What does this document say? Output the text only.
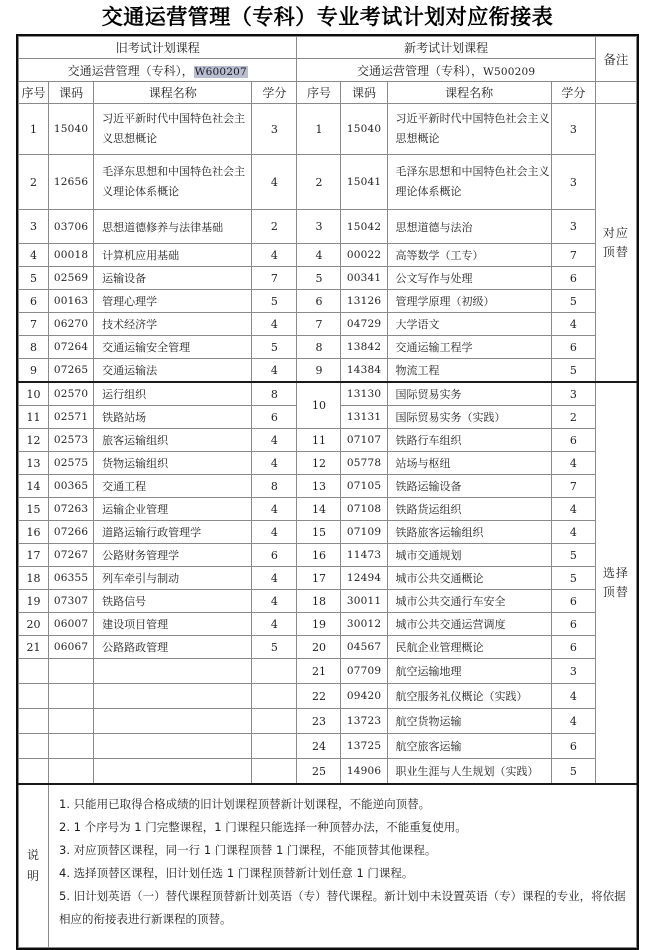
交通运营管理（专科）专业考试计划对应衔接表
旧考试计划课程				新考试计划课程				备注
交通运营管理（专科），W600207				交通运营管理（专科），W500209				
序号	课码	课程名称	学分	序号	课码	课程名称	学分	
1	15040	习近平新时代中国特色社会主义思想概论	3	1	15040	习近平新时代中国特色社会主义思想概论	3	对应
顶替

2	12656	毛泽东思想和中国特色社会主义理论体系概论	4	2	15041	毛泽东思想和中国特色社会主义理论体系概论	3	
3	03706	思想道德修养与法律基础	2	3	15042	思想道德与法治	3	
4	00018	计算机应用基础	4	4	00022	高等数学（工专）	7	
5	02569	运输设备	7	5	00341	公文写作与处理	6	
6	00163	管理心理学	5	6	13126	管理学原理（初级）	5	
7	06270	技术经济学	4	7	04729	大学语文	4	
8	07264	交通运输安全管理	5	8	13842	交通运输工程学	6	
9	07265	交通运输法	4	9	14384	物流工程	5	
10	02570	运行组织	8	10	13130	国际贸易实务	3	选择
顶替

11	02571	铁路站场	6		13131	国际贸易实务（实践）	2	
12	02573	旅客运输组织	4	11	07107	铁路行车组织	6	
13	02575	货物运输组织	4	12	05778	站场与枢纽	4	
14	00365	交通工程	8	13	07105	铁路运输设备	7	
15	07263	运输企业管理	4	14	07108	铁路货运组织	4	
16	07266	道路运输行政管理学	4	15	07109	铁路旅客运输组织	4	
17	07267	公路财务管理学	6	16	11473	城市交通规划	5	
18	06355	列车牵引与制动	4	17	12494	城市公共交通概论	5	
19	07307	铁路信号	4	18	30011	城市公共交通行车安全	6	
20	06007	建设项目管理	4	19	30012	城市公共交通运营调度	6	
21	06067	公路路政管理	5	20	04567	民航企业管理概论	6	
				21	07709	航空运输地理	3	
				22	09420	航空服务礼仪概论（实践）	4	
				23	13723	航空货物运输	4	
				24	13725	航空旅客运输	6	
				25	14906	职业生涯与人生规划（实践）	5	

说
明

1. 只能用已取得合格成绩的旧计划课程顶替新计划课程，不能逆向顶替。

2. 1 个序号为 1 门完整课程，1 门课程只能选择一种顶替办法，不能重复使用。

3. 对应顶替区课程，同一行 1 门课程顶替 1 门课程，不能顶替其他课程。

4. 选择顶替区课程，旧计划任选 1 门课程顶替新计划任意 1 门课程。

5. 旧计划英语（一）替代课程顶替新计划英语（专）替代课程。新计划中未设置英语（专）课程的专业，将依据相应的衔接表进行新课程的顶替。
